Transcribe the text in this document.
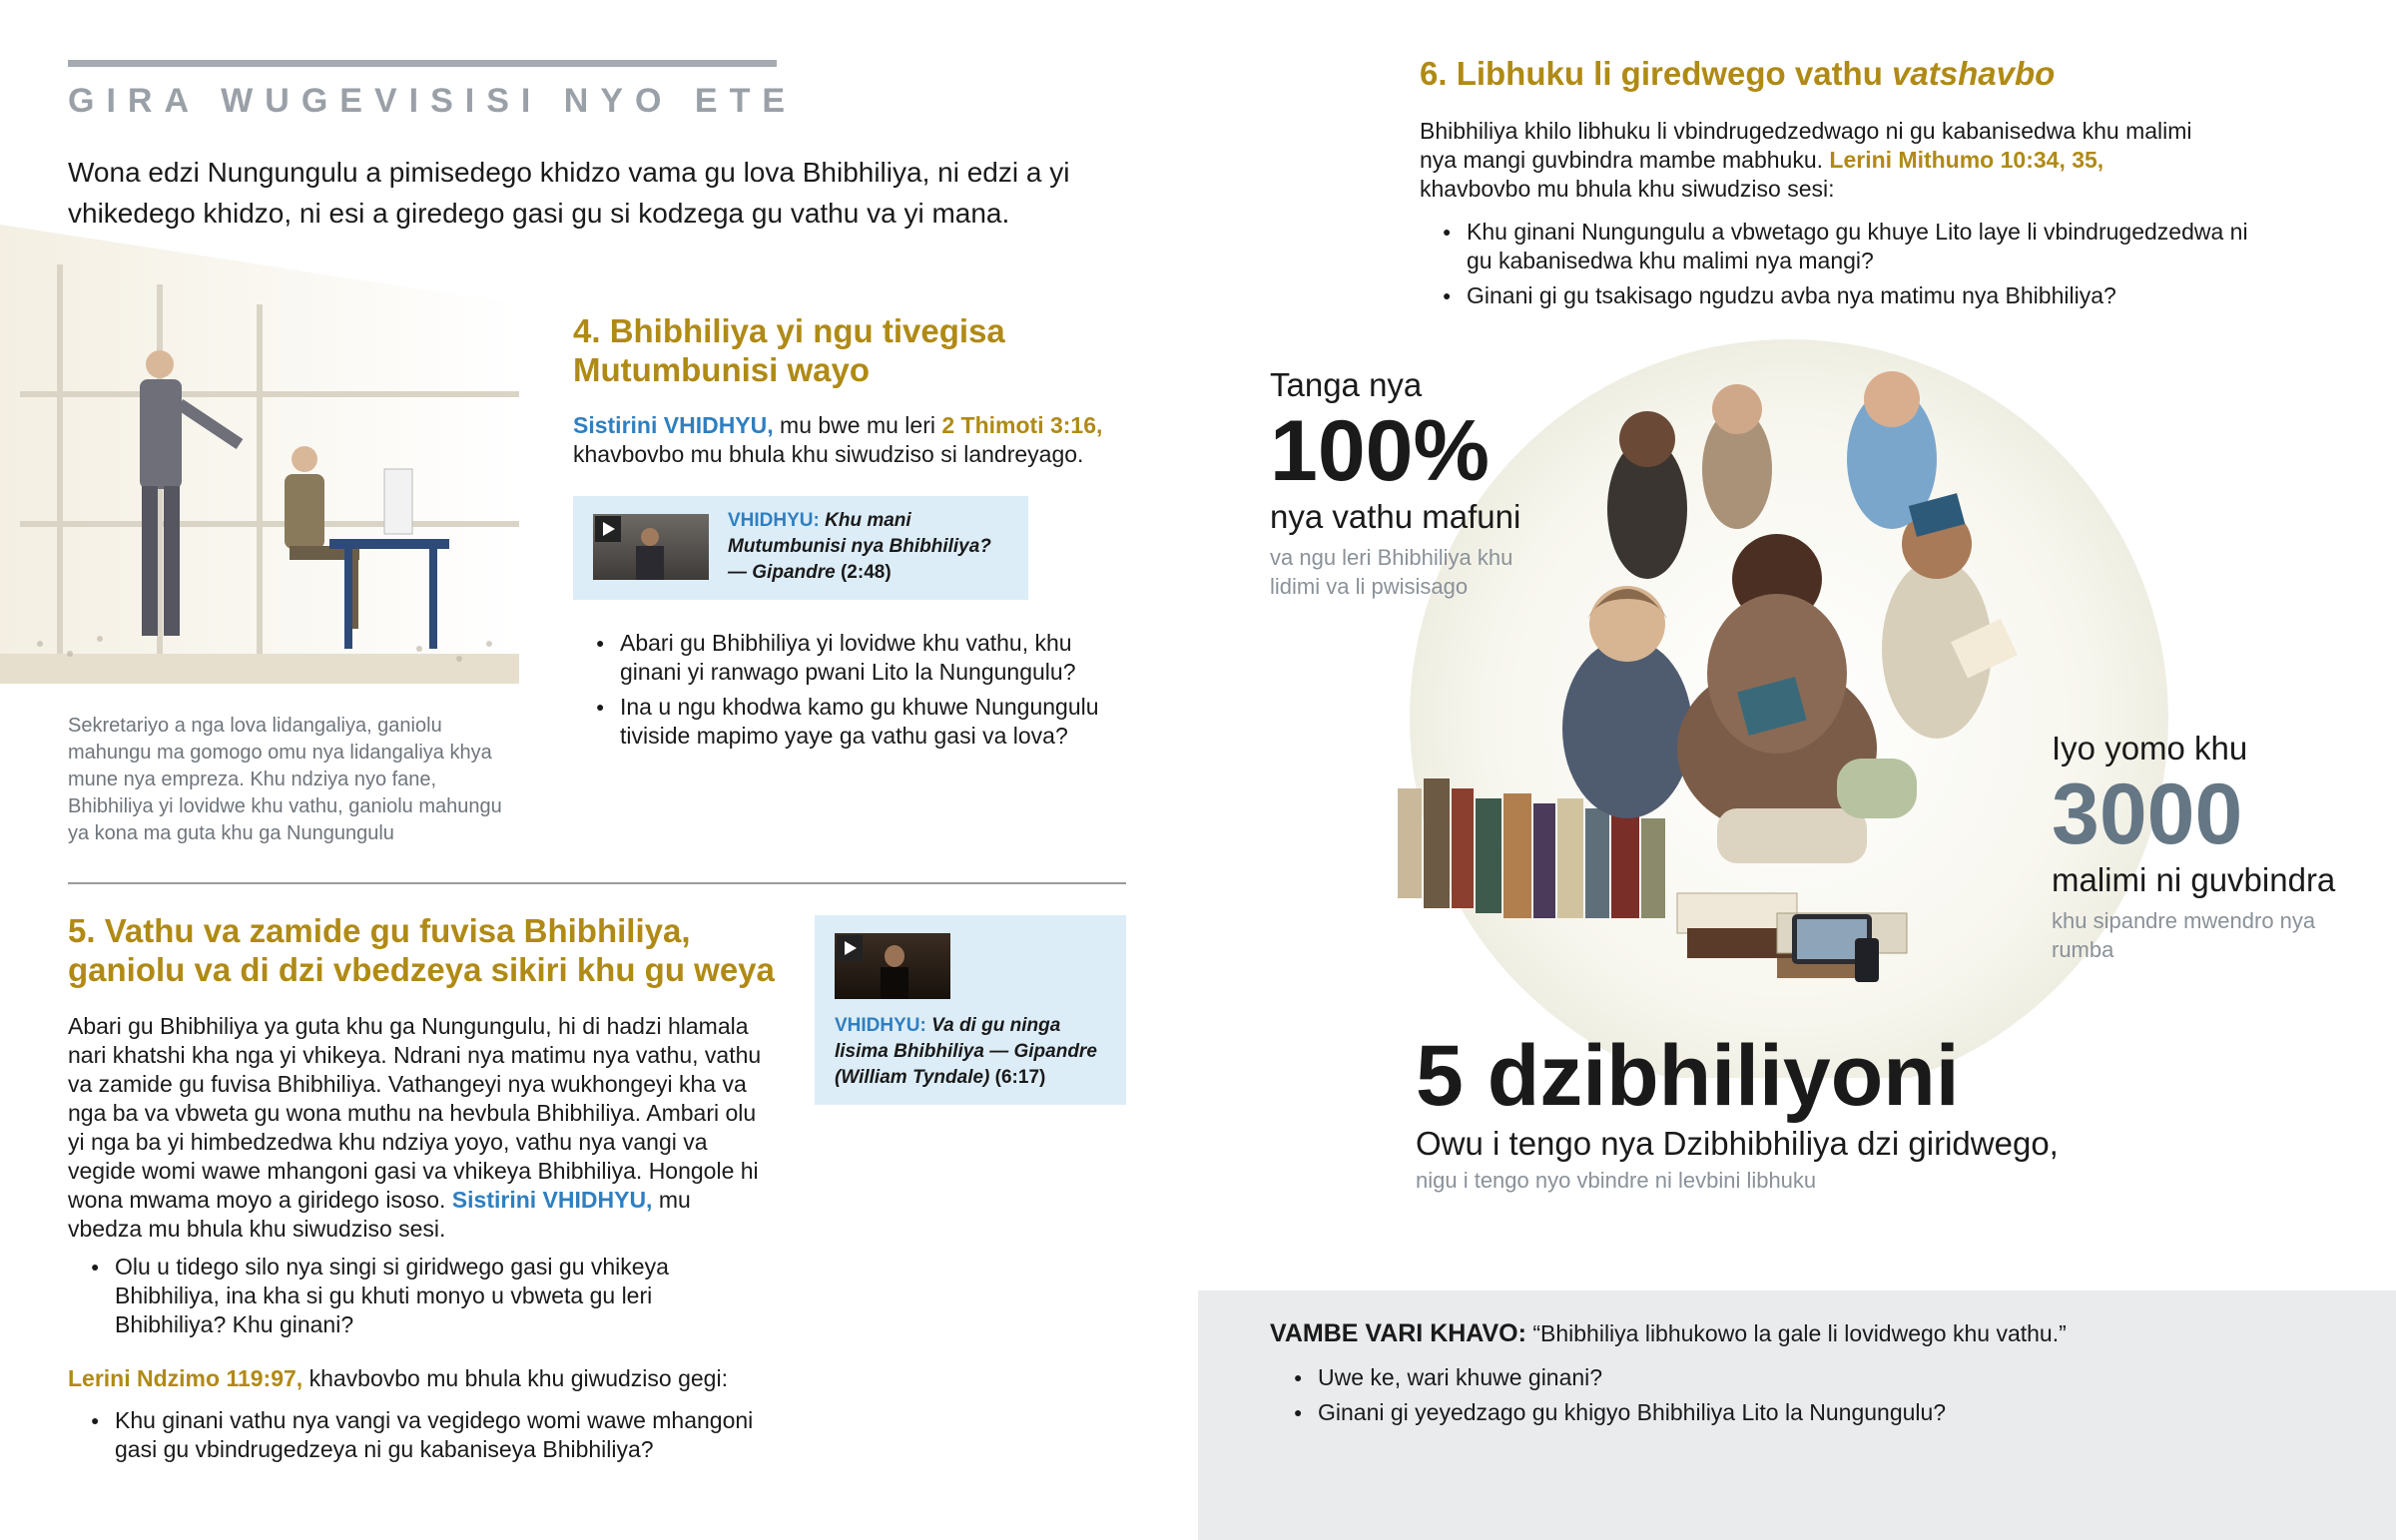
GIRA WUGEVISISI NYO ETE
Wona edzi Nungungulu a pimisedego khidzo vama gu lova Bhibhiliya, ni edzi a yi vhikedego khidzo, ni esi a giredego gasi gu si kodzega gu vathu va yi mana.
Sekretariyo a nga lova lidangaliya, ganiolu mahungu ma gomogo omu nya lidangaliya khya mune nya empreza. Khu ndziya nyo fane, Bhibhiliya yi lovidwe khu vathu, ganiolu mahungu ya kona ma guta khu ga Nungungulu
4. Bhibhiliya yi ngu tivegisa Mutumbunisi wayo
Sistirini VHIDHYU, mu bwe mu leri 2 Thimoti 3:16,
khavbovbo mu bhula khu siwudziso si landreyago.
VHIDHYU: Khu mani Mutumbunisi nya Bhibhiliya?
— Gipandre (2:48)
● Abari gu Bhibhiliya yi lovidwe khu vathu, khu ginani yi ranwago pwani Lito la Nungungulu?
● Ina u ngu khodwa kamo gu khuwe Nungungulu tiviside mapimo yaye ga vathu gasi va lova?
5. Vathu va zamide gu fuvisa Bhibhiliya, ganiolu va di dzi vbedzeya sikiri khu gu weya
Abari gu Bhibhiliya ya guta khu ga Nungungulu, hi di hadzi hlamala nari khatshi kha nga yi vhikeya. Ndrani nya matimu nya vathu, vathu va zamide gu fuvisa Bhibhiliya. Vathangeyi nya wukhongeyi kha va nga ba va vbweta gu wona muthu na hevbula Bhibhiliya. Ambari olu yi nga ba yi himbedzedwa khu ndziya yoyo, vathu nya vangi va vegide womi wawe mhangoni gasi va vhikeya Bhibhiliya. Hongole hi wona mwama moyo a giridego isoso. Sistirini VHIDHYU, mu vbedza mu bhula khu siwudziso sesi.
● Olu u tidego silo nya singi si giridwego gasi gu vhikeya Bhibhiliya, ina kha si gu khuti monyo u vbweta gu leri Bhibhiliya? Khu ginani?
Lerini Ndzimo 119:97, khavbovbo mu bhula khu giwudziso gegi:
● Khu ginani vathu nya vangi va vegidego womi wawe mhangoni gasi gu vbindrugedzeya ni gu kabaniseya Bhibhiliya?
VHIDHYU: Va di gu ninga lisima Bhibhiliya — Gipandre
(William Tyndale) (6:17)
6. Libhuku li giredwego vathu vatshavbo
Bhibhiliya khilo libhuku li vbindrugedzedwago ni gu kabanisedwa khu malimi nya mangi guvbindra mambe mabhuku. Lerini Mithumo 10:34, 35,
khavbovbo mu bhula khu siwudziso sesi:
● Khu ginani Nungungulu a vbwetago gu khuye Lito laye li vbindrugedzedwa ni gu kabanisedwa khu malimi nya mangi?
● Ginani gi gu tsakisago ngudzu avba nya matimu nya Bhibhiliya?
Tanga nya
100%
nya vathu mafuni
va ngu leri Bhibhiliya khu lidimi va li pwisisago
Iyo yomo khu
3000
malimi ni guvbindra
khu sipandre mwendro nya rumba
5 dzibhiliyoni
Owu i tengo nya Dzibhibhiliya dzi giridwego,
nigu i tengo nyo vbindre ni levbini libhuku
VAMBE VARI KHAVO: “Bhibhiliya libhukowo la gale li lovidwego khu vathu.”
● Uwe ke, wari khuwe ginani?
● Ginani gi yeyedzago gu khigyo Bhibhiliya Lito la Nungungulu?
